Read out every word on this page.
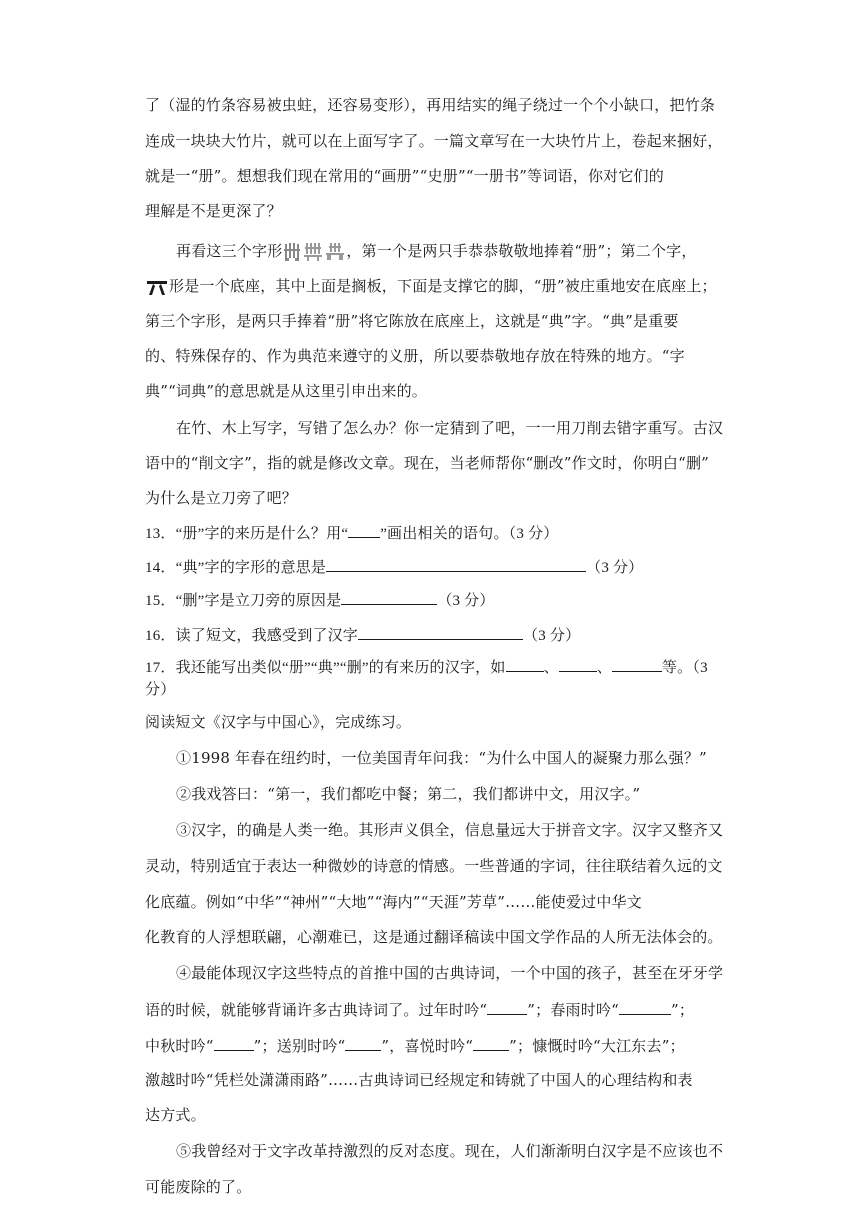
了（湿的竹条容易被虫蛀，还容易变形），再用结实的绳子绕过一个个小缺口，把竹条
连成一块块大竹片，就可以在上面写字了。一篇文章写在一大块竹片上，卷起来捆好，
就是一“册”。想想我们现在常用的“画册”“史册”“一册书”等词语，你对它们的
理解是不是更深了？
再看这三个字形	，第一个是两只手恭恭敬敬地捧着“册”；第二个字，
形是一个底座，其中上面是搁板，下面是支撑它的脚，“册”被庄重地安在底座上；
第三个字形，是两只手捧着“册”将它陈放在底座上，这就是“典”字。“典”是重要
的、特殊保存的、作为典范来遵守的义册，所以要恭敬地存放在特殊的地方。“字
典”“词典”的意思就是从这里引申出来的。
在竹、木上写字，写错了怎么办？你一定猜到了吧，一一用刀削去错字重写。古汉
语中的“削文字”，指的就是修改文章。现在，当老师帮你“删改”作文时，你明白“删”
为什么是立刀旁了吧？
13．“册”字的来历是什么？用“ ”画出相关的语句。（3 分）
14．“典”字的字形的意思是	（3 分）
15．“删”字是立刀旁的原因是	（3 分）
16．读了短文，我感受到了汉字	（3 分）
17．我还能写出类似“册”“典”“删”的有来历的汉字，如	、	、	等。（3
分）
阅读短文《汉字与中国心》，完成练习。
①1998 年春在纽约时，一位美国青年问我：“为什么中国人的凝聚力那么强？”
②我戏答曰：“第一，我们都吃中餐；第二，我们都讲中文，用汉字。”
③汉字，的确是人类一绝。其形声义俱全，信息量远大于拼音文字。汉字又整齐又
灵动，特别适宜于表达一种微妙的诗意的情感。一些普通的字词，往往联结着久远的文
化底蕴。例如“中华”“神州”“大地”“海内”“天涯”芳草”……能使爱过中华文
化教育的人浮想联翩，心潮难已，这是通过翻译稿读中国文学作品的人所无法体会的。
④最能体现汉字这些特点的首推中国的古典诗词，一个中国的孩子，甚至在牙牙学
语的时候，就能够背诵许多古典诗词了。过年时吟“	”；春雨时吟“	”；
中秋时吟“	”；送别时吟“ ”，喜悦时吟“ ”；慷慨时吟“大江东去”；
激越时吟“凭栏处潇潇雨路”……古典诗词已经规定和铸就了中国人的心理结构和表
达方式。
⑤我曾经对于文字改革持激烈的反对态度。现在，人们渐渐明白汉字是不应该也不
可能废除的了。
